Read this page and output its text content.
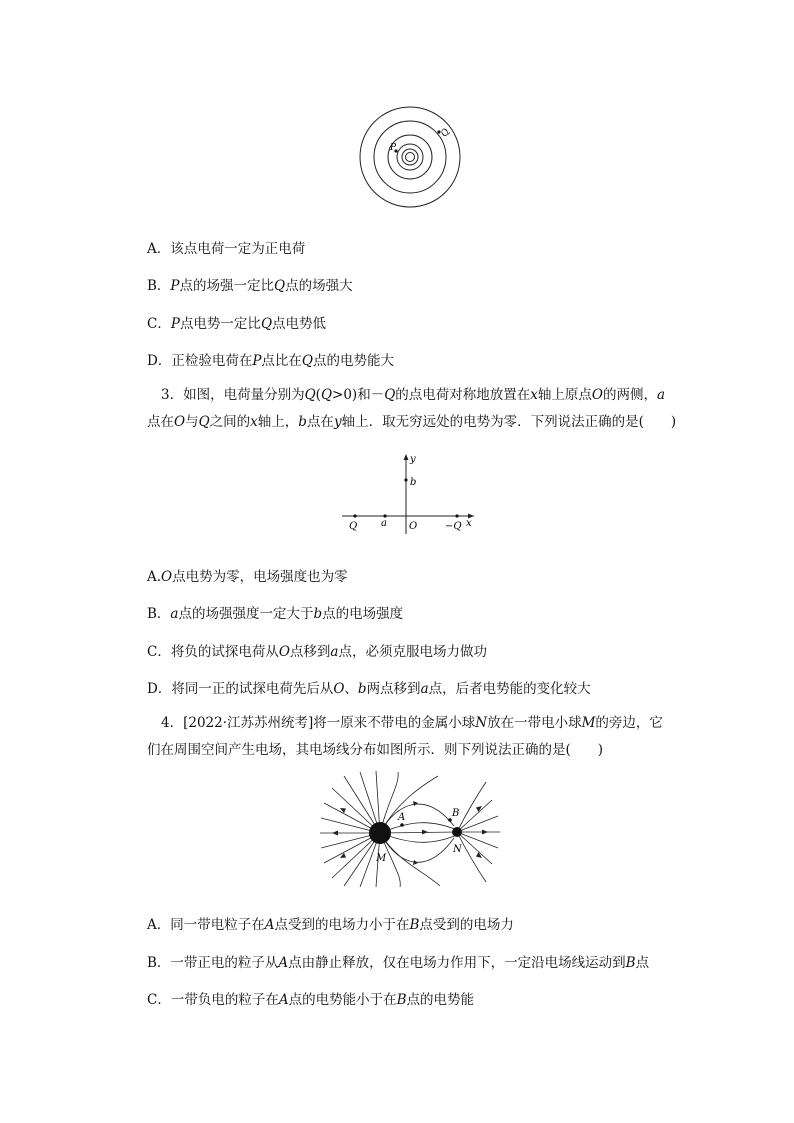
P
Q
A．该点电荷一定为正电荷
B．P点的场强一定比Q点的场强大
C．P点电势一定比Q点电势低
D．正检验电荷在P点比在Q点的电势能大
3．如图，电荷量分别为Q(Q>0)和－Q的点电荷对称地放置在x轴上原点O的两侧，a
点在O与Q之间的x轴上，b点在y轴上．取无穷远处的电势为零．下列说法正确的是(　　)
y
b
Q a O	−Q x
A.O点电势为零，电场强度也为零
B．a点的场强强度一定大于b点的电场强度
C．将负的试探电荷从O点移到a点，必须克服电场力做功
D．将同一正的试探电荷先后从O、b两点移到a点，后者电势能的变化较大
4．[2022·江苏苏州统考]将一原来不带电的金属小球N放在一带电小球M的旁边，它
们在周围空间产生电场，其电场线分布如图所示．则下列说法正确的是(　　)
A	B
M
N
A．同一带电粒子在A点受到的电场力小于在B点受到的电场力
B．一带正电的粒子从A点由静止释放，仅在电场力作用下，一定沿电场线运动到B点
C．一带负电的粒子在A点的电势能小于在B点的电势能
